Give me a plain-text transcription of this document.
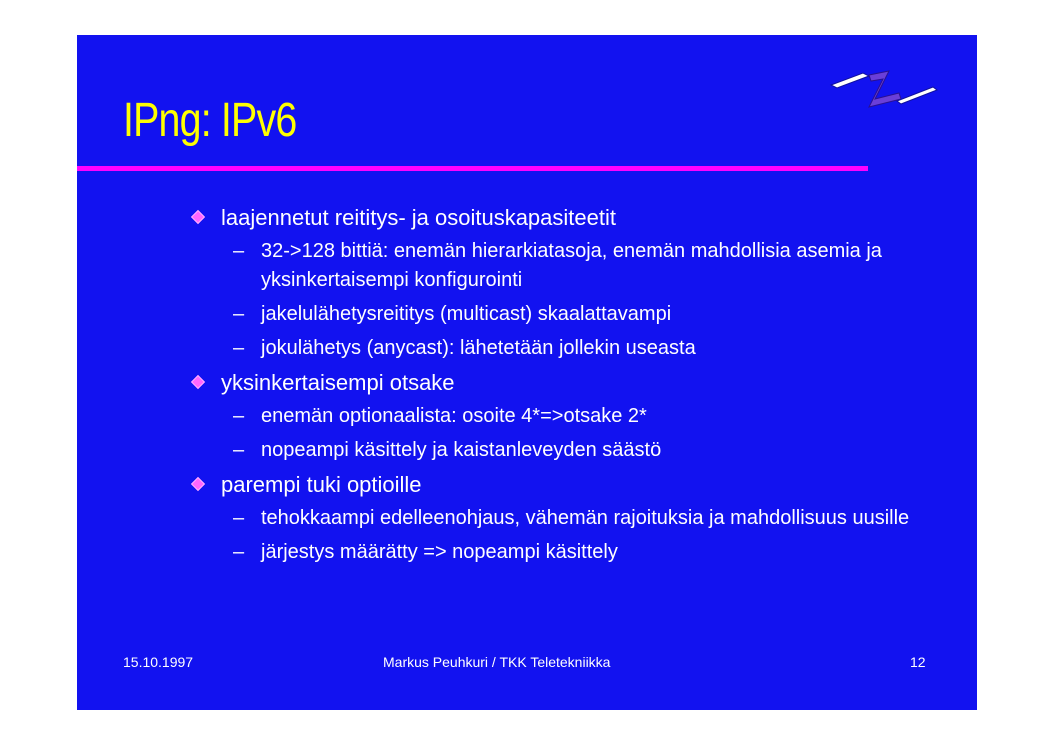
IPng: IPv6
laajennetut reititys- ja osoituskapasiteetit
– 32->128 bittiä: enemän hierarkiatasoja, enemän mahdollisia asemia ja yksinkertaisempi konfigurointi
– jakelulähetysreititys (multicast) skaalattavampi
– jokulähetys (anycast): lähetetään jollekin useasta
yksinkertaisempi otsake
– enemän optionaalista: osoite 4*=>otsake 2*
– nopeampi käsittely ja kaistanleveyden säästö
parempi tuki optioille
– tehokkaampi edelleenohjaus, vähemän rajoituksia ja mahdollisuus uusille
– järjestys määrätty => nopeampi käsittely
15.10.1997	Markus Peuhkuri / TKK Teletekniikka	12
